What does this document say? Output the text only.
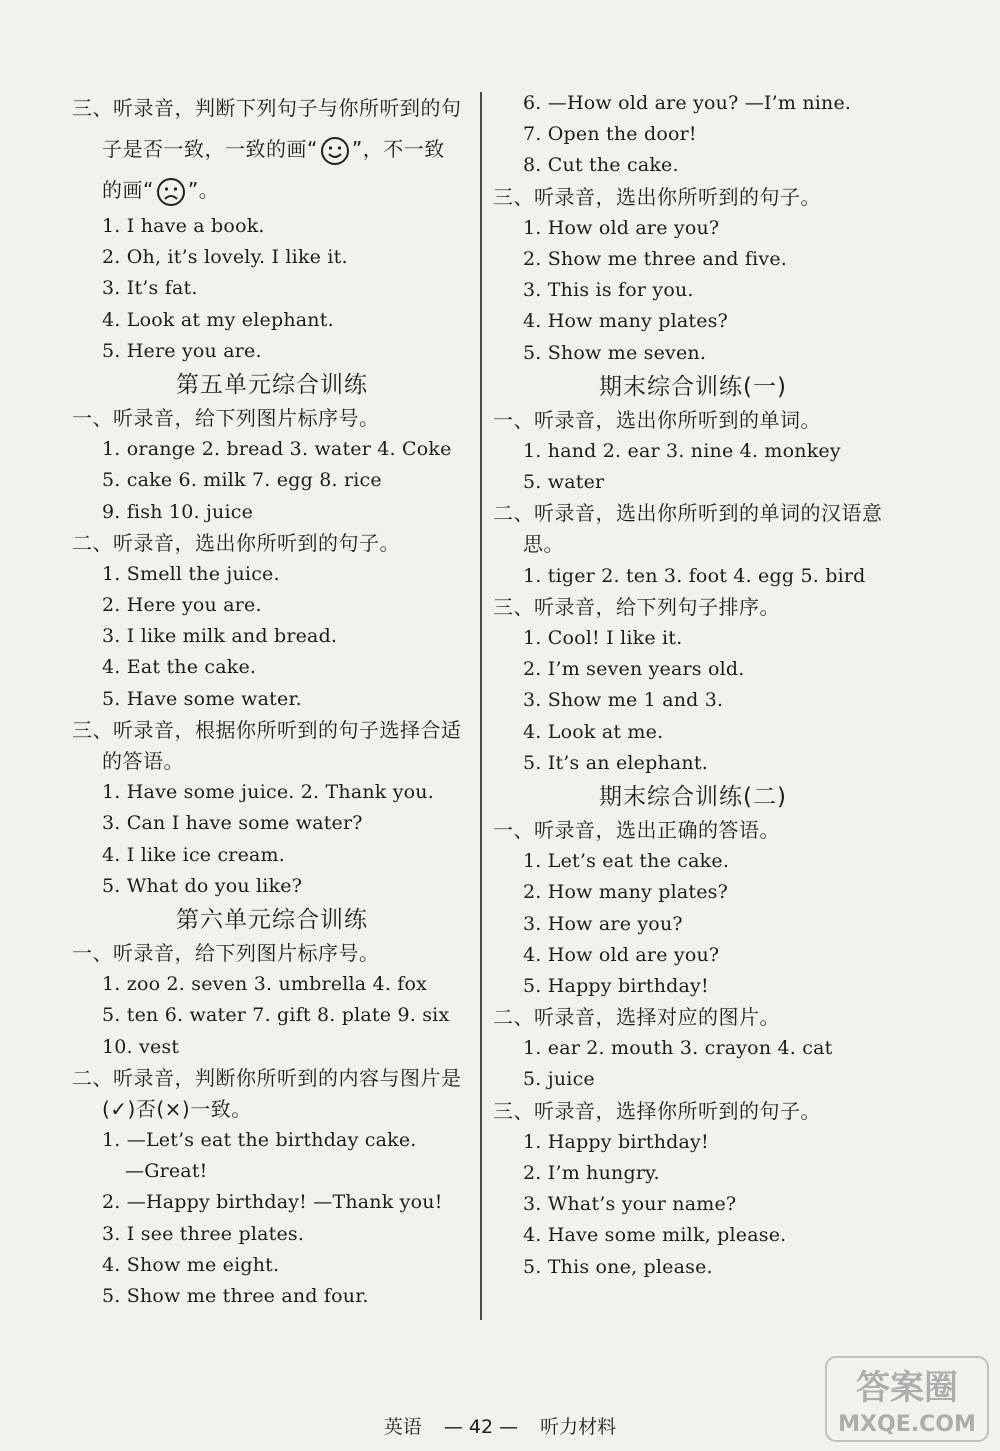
三、听录音，判断下列句子与你所听到的句
子是否一致，一致的画“ ”，不一致
的画“ ”。
1. I have a book.
2. Oh, it’s lovely. I like it.
3. It’s fat.
4. Look at my elephant.
5. Here you are.
第五单元综合训练
一、听录音，给下列图片标序号。
1. orange 2. bread 3. water 4. Coke
5. cake 6. milk 7. egg 8. rice
9. fish 10. juice
二、听录音，选出你所听到的句子。
1. Smell the juice.
2. Here you are.
3. I like milk and bread.
4. Eat the cake.
5. Have some water.
三、听录音，根据你所听到的句子选择合适
的答语。
1. Have some juice. 2. Thank you.
3. Can I have some water?
4. I like ice cream.
5. What do you like?
第六单元综合训练
一、听录音，给下列图片标序号。
1. zoo 2. seven 3. umbrella 4. fox
5. ten 6. water 7. gift 8. plate 9. six
10. vest
二、听录音，判断你所听到的内容与图片是
(✓)否(×)一致。
1. —Let’s eat the birthday cake.
—Great!
2. —Happy birthday! —Thank you!
3. I see three plates.
4. Show me eight.
5. Show me three and four.
6. —How old are you? —I’m nine.
7. Open the door!
8. Cut the cake.
三、听录音，选出你所听到的句子。
1. How old are you?
2. Show me three and five.
3. This is for you.
4. How many plates?
5. Show me seven.
期末综合训练(一)
一、听录音，选出你所听到的单词。
1. hand 2. ear 3. nine 4. monkey
5. water
二、听录音，选出你所听到的单词的汉语意
思。
1. tiger 2. ten 3. foot 4. egg 5. bird
三、听录音，给下列句子排序。
1. Cool! I like it.
2. I’m seven years old.
3. Show me 1 and 3.
4. Look at me.
5. It’s an elephant.
期末综合训练(二)
一、听录音，选出正确的答语。
1. Let’s eat the cake.
2. How many plates?
3. How are you?
4. How old are you?
5. Happy birthday!
二、听录音，选择对应的图片。
1. ear 2. mouth 3. crayon 4. cat
5. juice
三、听录音，选择你所听到的句子。
1. Happy birthday!
2. I’m hungry.
3. What’s your name?
4. Have some milk, please.
5. This one, please.
英语 — 42 — 听力材料
答案圈
MXQE.COM
